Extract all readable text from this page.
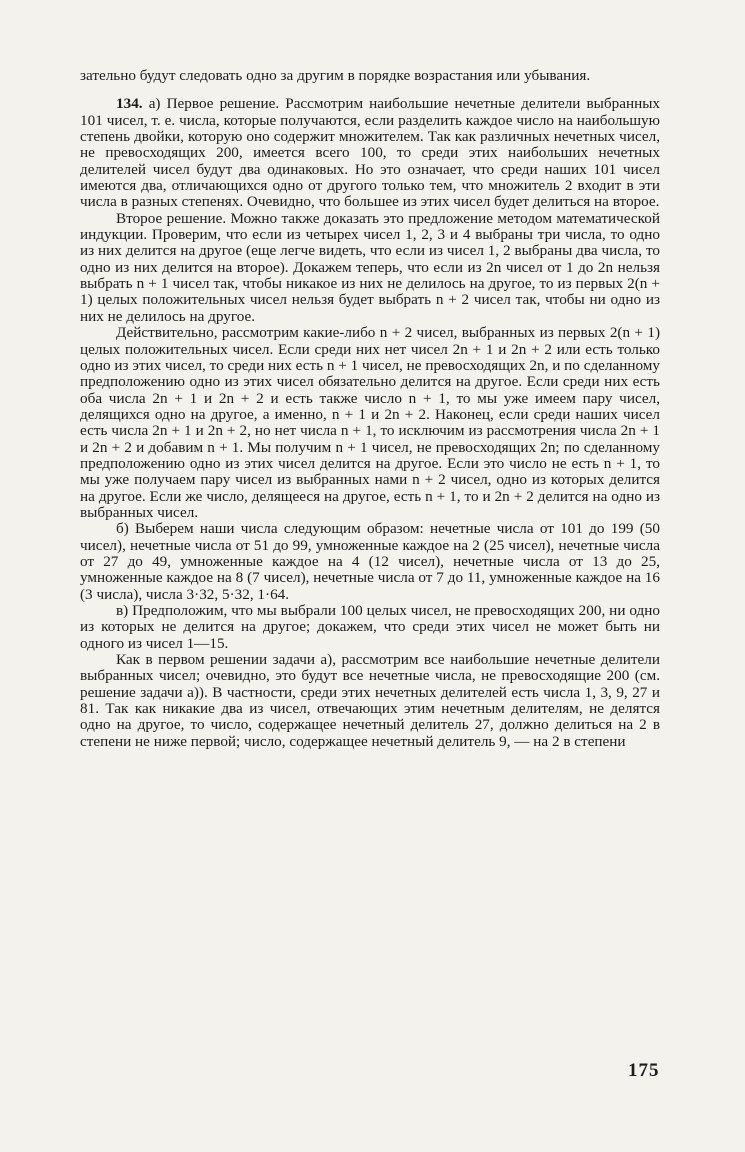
зательно будут следовать одно за другим в порядке возрастания или убывания.

134. а) Первое решение. Рассмотрим наибольшие нечетные делители выбранных 101 чисел, т. е. числа, которые получаются, если разделить каждое число на наибольшую степень двойки, которую оно содержит множителем. Так как различных нечетных чисел, не превосходящих 200, имеется всего 100, то среди этих наибольших нечетных делителей чисел будут два одинаковых. Но это означает, что среди наших 101 чисел имеются два, отличающихся одно от другого только тем, что множитель 2 входит в эти числа в разных степенях. Очевидно, что большее из этих чисел будет делиться на второе.

Второе решение. Можно также доказать это предложение методом математической индукции. Проверим, что если из четырех чисел 1, 2, 3 и 4 выбраны три числа, то одно из них делится на другое (еще легче видеть, что если из чисел 1, 2 выбраны два числа, то одно из них делится на второе). Докажем теперь, что если из 2n чисел от 1 до 2n нельзя выбрать n + 1 чисел так, чтобы никакое из них не делилось на другое, то из первых 2(n + 1) целых положительных чисел нельзя будет выбрать n + 2 чисел так, чтобы ни одно из них не делилось на другое.

Действительно, рассмотрим какие-либо n + 2 чисел, выбранных из первых 2(n + 1) целых положительных чисел. Если среди них нет чисел 2n + 1 и 2n + 2 или есть только одно из этих чисел, то среди них есть n + 1 чисел, не превосходящих 2n, и по сделанному предположению одно из этих чисел обязательно делится на другое. Если среди них есть оба числа 2n + 1 и 2n + 2 и есть также число n + 1, то мы уже имеем пару чисел, делящихся одно на другое, а именно, n + 1 и 2n + 2. Наконец, если среди наших чисел есть числа 2n + 1 и 2n + 2, но нет числа n + 1, то исключим из рассмотрения числа 2n + 1 и 2n + 2 и добавим n + 1. Мы получим n + 1 чисел, не превосходящих 2n; по сделанному предположению одно из этих чисел делится на другое. Если это число не есть n + 1, то мы уже получаем пару чисел из выбранных нами n + 2 чисел, одно из которых делится на другое. Если же число, делящееся на другое, есть n + 1, то и 2n + 2 делится на одно из выбранных чисел.

б) Выберем наши числа следующим образом: нечетные числа от 101 до 199 (50 чисел), нечетные числа от 51 до 99, умноженные каждое на 2 (25 чисел), нечетные числа от 27 до 49, умноженные каждое на 4 (12 чисел), нечетные числа от 13 до 25, умноженные каждое на 8 (7 чисел), нечетные числа от 7 до 11, умноженные каждое на 16 (3 числа), числа 3·32, 5·32, 1·64.

в) Предположим, что мы выбрали 100 целых чисел, не превосходящих 200, ни одно из которых не делится на другое; докажем, что среди этих чисел не может быть ни одного из чисел 1—15.

Как в первом решении задачи а), рассмотрим все наибольшие нечетные делители выбранных чисел; очевидно, это будут все нечетные числа, не превосходящие 200 (см. решение задачи а)). В частности, среди этих нечетных делителей есть числа 1, 3, 9, 27 и 81. Так как никакие два из чисел, отвечающих этим нечетным делителям, не делятся одно на другое, то число, содержащее нечетный делитель 27, должно делиться на 2 в степени не ниже первой; число, содержащее нечетный делитель 9, — на 2 в степени

175
